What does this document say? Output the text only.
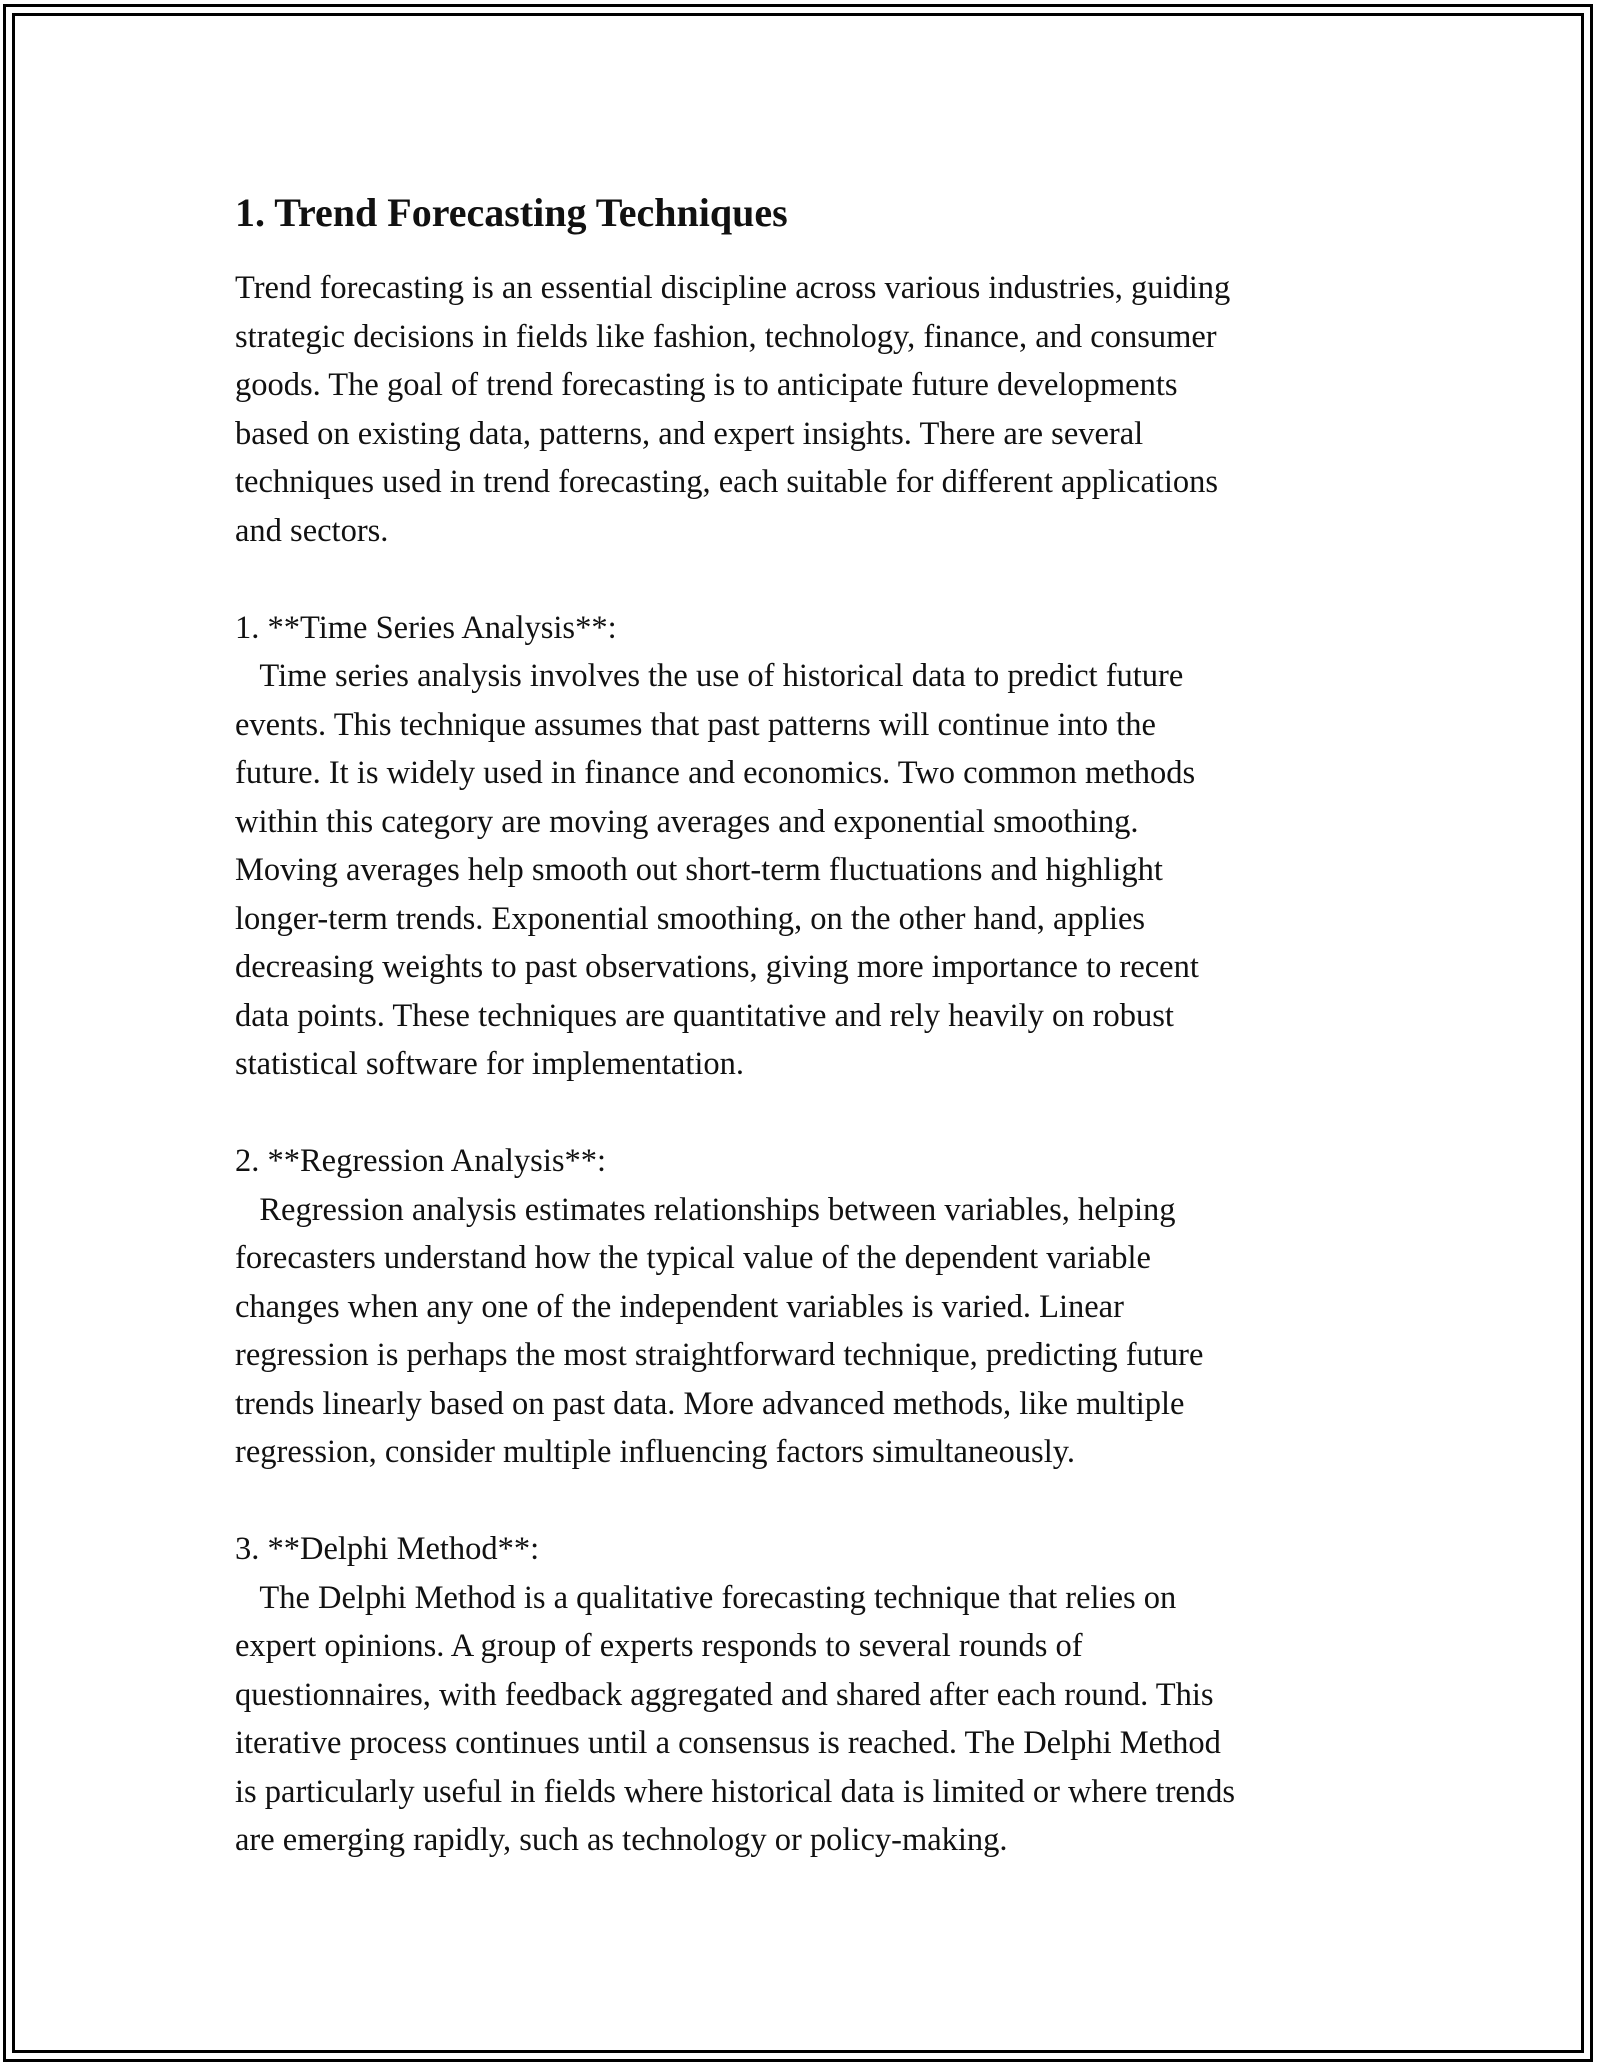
1. Trend Forecasting Techniques

Trend forecasting is an essential discipline across various industries, guiding
strategic decisions in fields like fashion, technology, finance, and consumer
goods. The goal of trend forecasting is to anticipate future developments
based on existing data, patterns, and expert insights. There are several
techniques used in trend forecasting, each suitable for different applications
and sectors.

1. **Time Series Analysis**:

Time series analysis involves the use of historical data to predict future
events. This technique assumes that past patterns will continue into the
future. It is widely used in finance and economics. Two common methods
within this category are moving averages and exponential smoothing.
Moving averages help smooth out short-term fluctuations and highlight
longer-term trends. Exponential smoothing, on the other hand, applies
decreasing weights to past observations, giving more importance to recent
data points. These techniques are quantitative and rely heavily on robust
statistical software for implementation.

2. **Regression Analysis**:

Regression analysis estimates relationships between variables, helping
forecasters understand how the typical value of the dependent variable
changes when any one of the independent variables is varied. Linear
regression is perhaps the most straightforward technique, predicting future
trends linearly based on past data. More advanced methods, like multiple
regression, consider multiple influencing factors simultaneously.

3. **Delphi Method**:

The Delphi Method is a qualitative forecasting technique that relies on
expert opinions. A group of experts responds to several rounds of
questionnaires, with feedback aggregated and shared after each round. This
iterative process continues until a consensus is reached. The Delphi Method
is particularly useful in fields where historical data is limited or where trends
are emerging rapidly, such as technology or policy-making.
